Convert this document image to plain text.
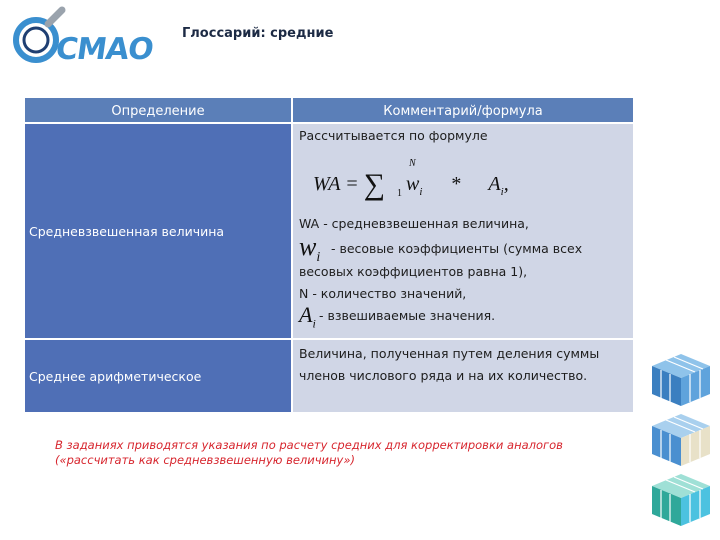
СМАО Глоссарий: средние
Определение	Комментарий/формула
Средневзвешенная величина
Рассчитывается по формуле
WA = ∑
N
1 $w_i * A_i$,
WA - средневзвешенная величина,
$w_i$
- весовые коэффициенты (сумма всех
весовых коэффициентов равна 1),
N - количество значений,
$A_i$
- взвешиваемые значения.
Среднее арифметическое
Величина, полученная путем деления суммы
членов числового ряда и на их количество.
В заданиях приводятся указания по расчету средних для корректировки аналогов
(«рассчитать как средневзвешенную величину»)
